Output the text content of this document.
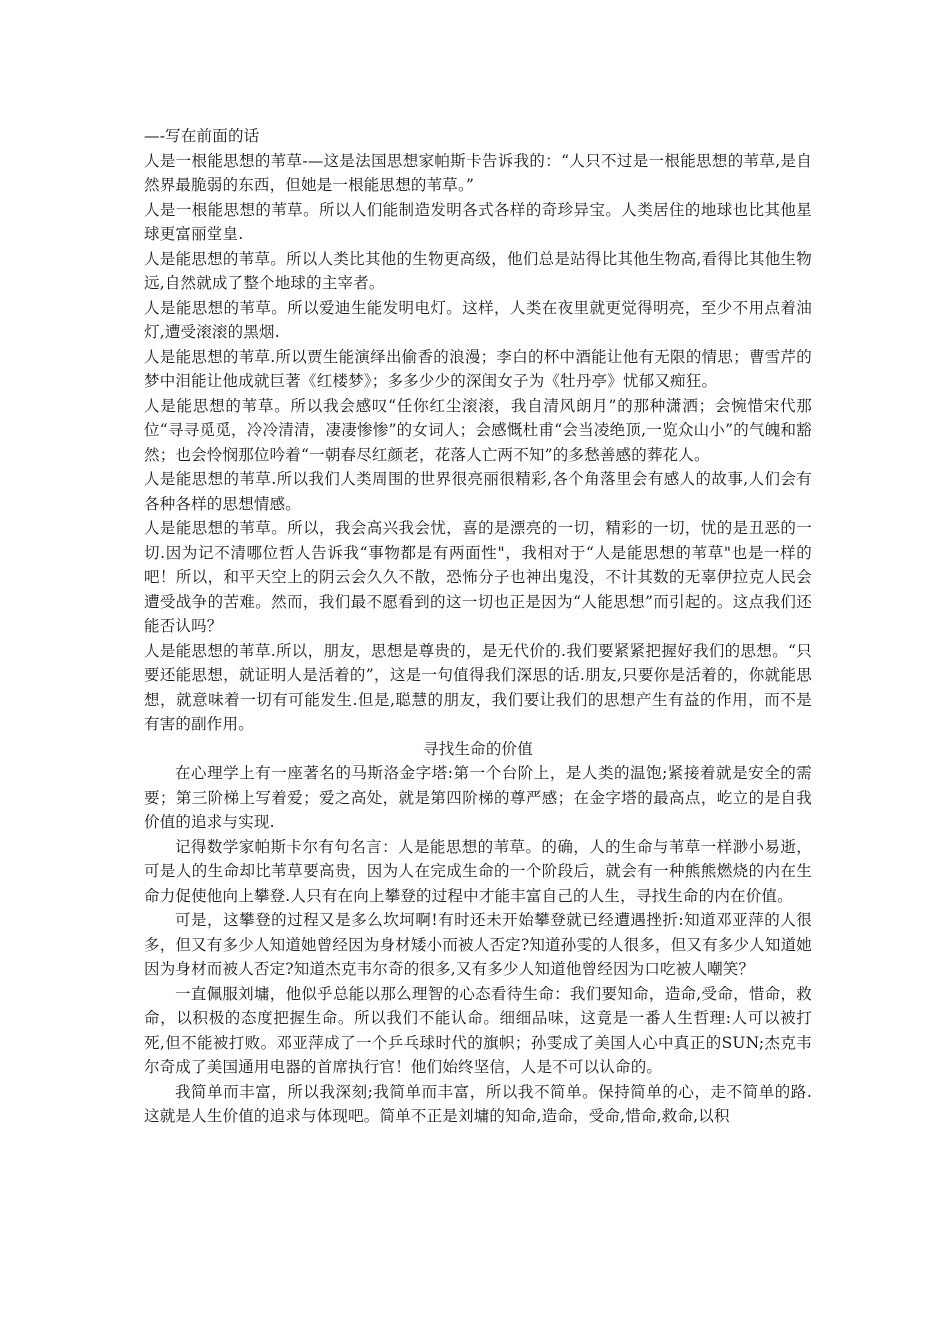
—-写在前面的话

人是一根能思想的苇草-—这是法国思想家帕斯卡告诉我的：“人只不过是一根能思想的苇草,是自然界最脆弱的东西，但她是一根能思想的苇草。”

人是一根能思想的苇草。所以人们能制造发明各式各样的奇珍异宝。人类居住的地球也比其他星球更富丽堂皇.

人是能思想的苇草。所以人类比其他的生物更高级，他们总是站得比其他生物高,看得比其他生物远,自然就成了整个地球的主宰者。

人是能思想的苇草。所以爱迪生能发明电灯。这样，人类在夜里就更觉得明亮，至少不用点着油灯,遭受滚滚的黑烟.

人是能思想的苇草.所以贾生能演绎出偷香的浪漫；李白的杯中酒能让他有无限的情思；曹雪芹的梦中泪能让他成就巨著《红楼梦》；多多少少的深闺女子为《牡丹亭》忧郁又痴狂。

人是能思想的苇草。所以我会感叹“任你红尘滚滚，我自清风朗月”的那种潇洒；会惋惜宋代那位“寻寻觅觅，冷冷清清，凄凄惨惨”的女词人；会感慨杜甫“会当凌绝顶,一览众山小”的气魄和豁然；也会怜悯那位吟着“一朝春尽红颜老，花落人亡两不知”的多愁善感的葬花人。

人是能思想的苇草.所以我们人类周围的世界很亮丽很精彩,各个角落里会有感人的故事,人们会有各种各样的思想情感。

人是能思想的苇草。所以，我会高兴我会忧，喜的是漂亮的一切，精彩的一切，忧的是丑恶的一切.因为记不清哪位哲人告诉我“事物都是有两面性"，我相对于“人是能思想的苇草"也是一样的吧！所以，和平天空上的阴云会久久不散，恐怖分子也神出鬼没，不计其数的无辜伊拉克人民会遭受战争的苦难。然而，我们最不愿看到的这一切也正是因为“人能思想”而引起的。这点我们还能否认吗？

人是能思想的苇草.所以，朋友，思想是尊贵的，是无代价的.我们要紧紧把握好我们的思想。“只要还能思想，就证明人是活着的”，这是一句值得我们深思的话.朋友,只要你是活着的，你就能思想，就意味着一切有可能发生.但是,聪慧的朋友，我们要让我们的思想产生有益的作用，而不是有害的副作用。

寻找生命的价值

在心理学上有一座著名的马斯洛金字塔:第一个台阶上，是人类的温饱;紧接着就是安全的需要；第三阶梯上写着爱；爱之高处，就是第四阶梯的尊严感；在金字塔的最高点，屹立的是自我价值的追求与实现.

记得数学家帕斯卡尔有句名言：人是能思想的苇草。的确，人的生命与苇草一样渺小易逝，可是人的生命却比苇草要高贵，因为人在完成生命的一个阶段后，就会有一种熊熊燃烧的内在生命力促使他向上攀登.人只有在向上攀登的过程中才能丰富自己的人生，寻找生命的内在价值。

可是，这攀登的过程又是多么坎坷啊!有时还未开始攀登就已经遭遇挫折:知道邓亚萍的人很多，但又有多少人知道她曾经因为身材矮小而被人否定?知道孙雯的人很多，但又有多少人知道她因为身材而被人否定?知道杰克韦尔奇的很多,又有多少人知道他曾经因为口吃被人嘲笑？

一直佩服刘墉，他似乎总能以那么理智的心态看待生命：我们要知命，造命,受命，惜命，救命，以积极的态度把握生命。所以我们不能认命。细细品味，这竟是一番人生哲理:人可以被打死,但不能被打败。邓亚萍成了一个乒乓球时代的旗帜；孙雯成了美国人心中真正的SUN;杰克韦尔奇成了美国通用电器的首席执行官！他们始终坚信，人是不可以认命的。

我简单而丰富，所以我深刻;我简单而丰富，所以我不简单。保持简单的心，走不简单的路.这就是人生价值的追求与体现吧。简单不正是刘墉的知命,造命，受命,惜命,救命,以积
